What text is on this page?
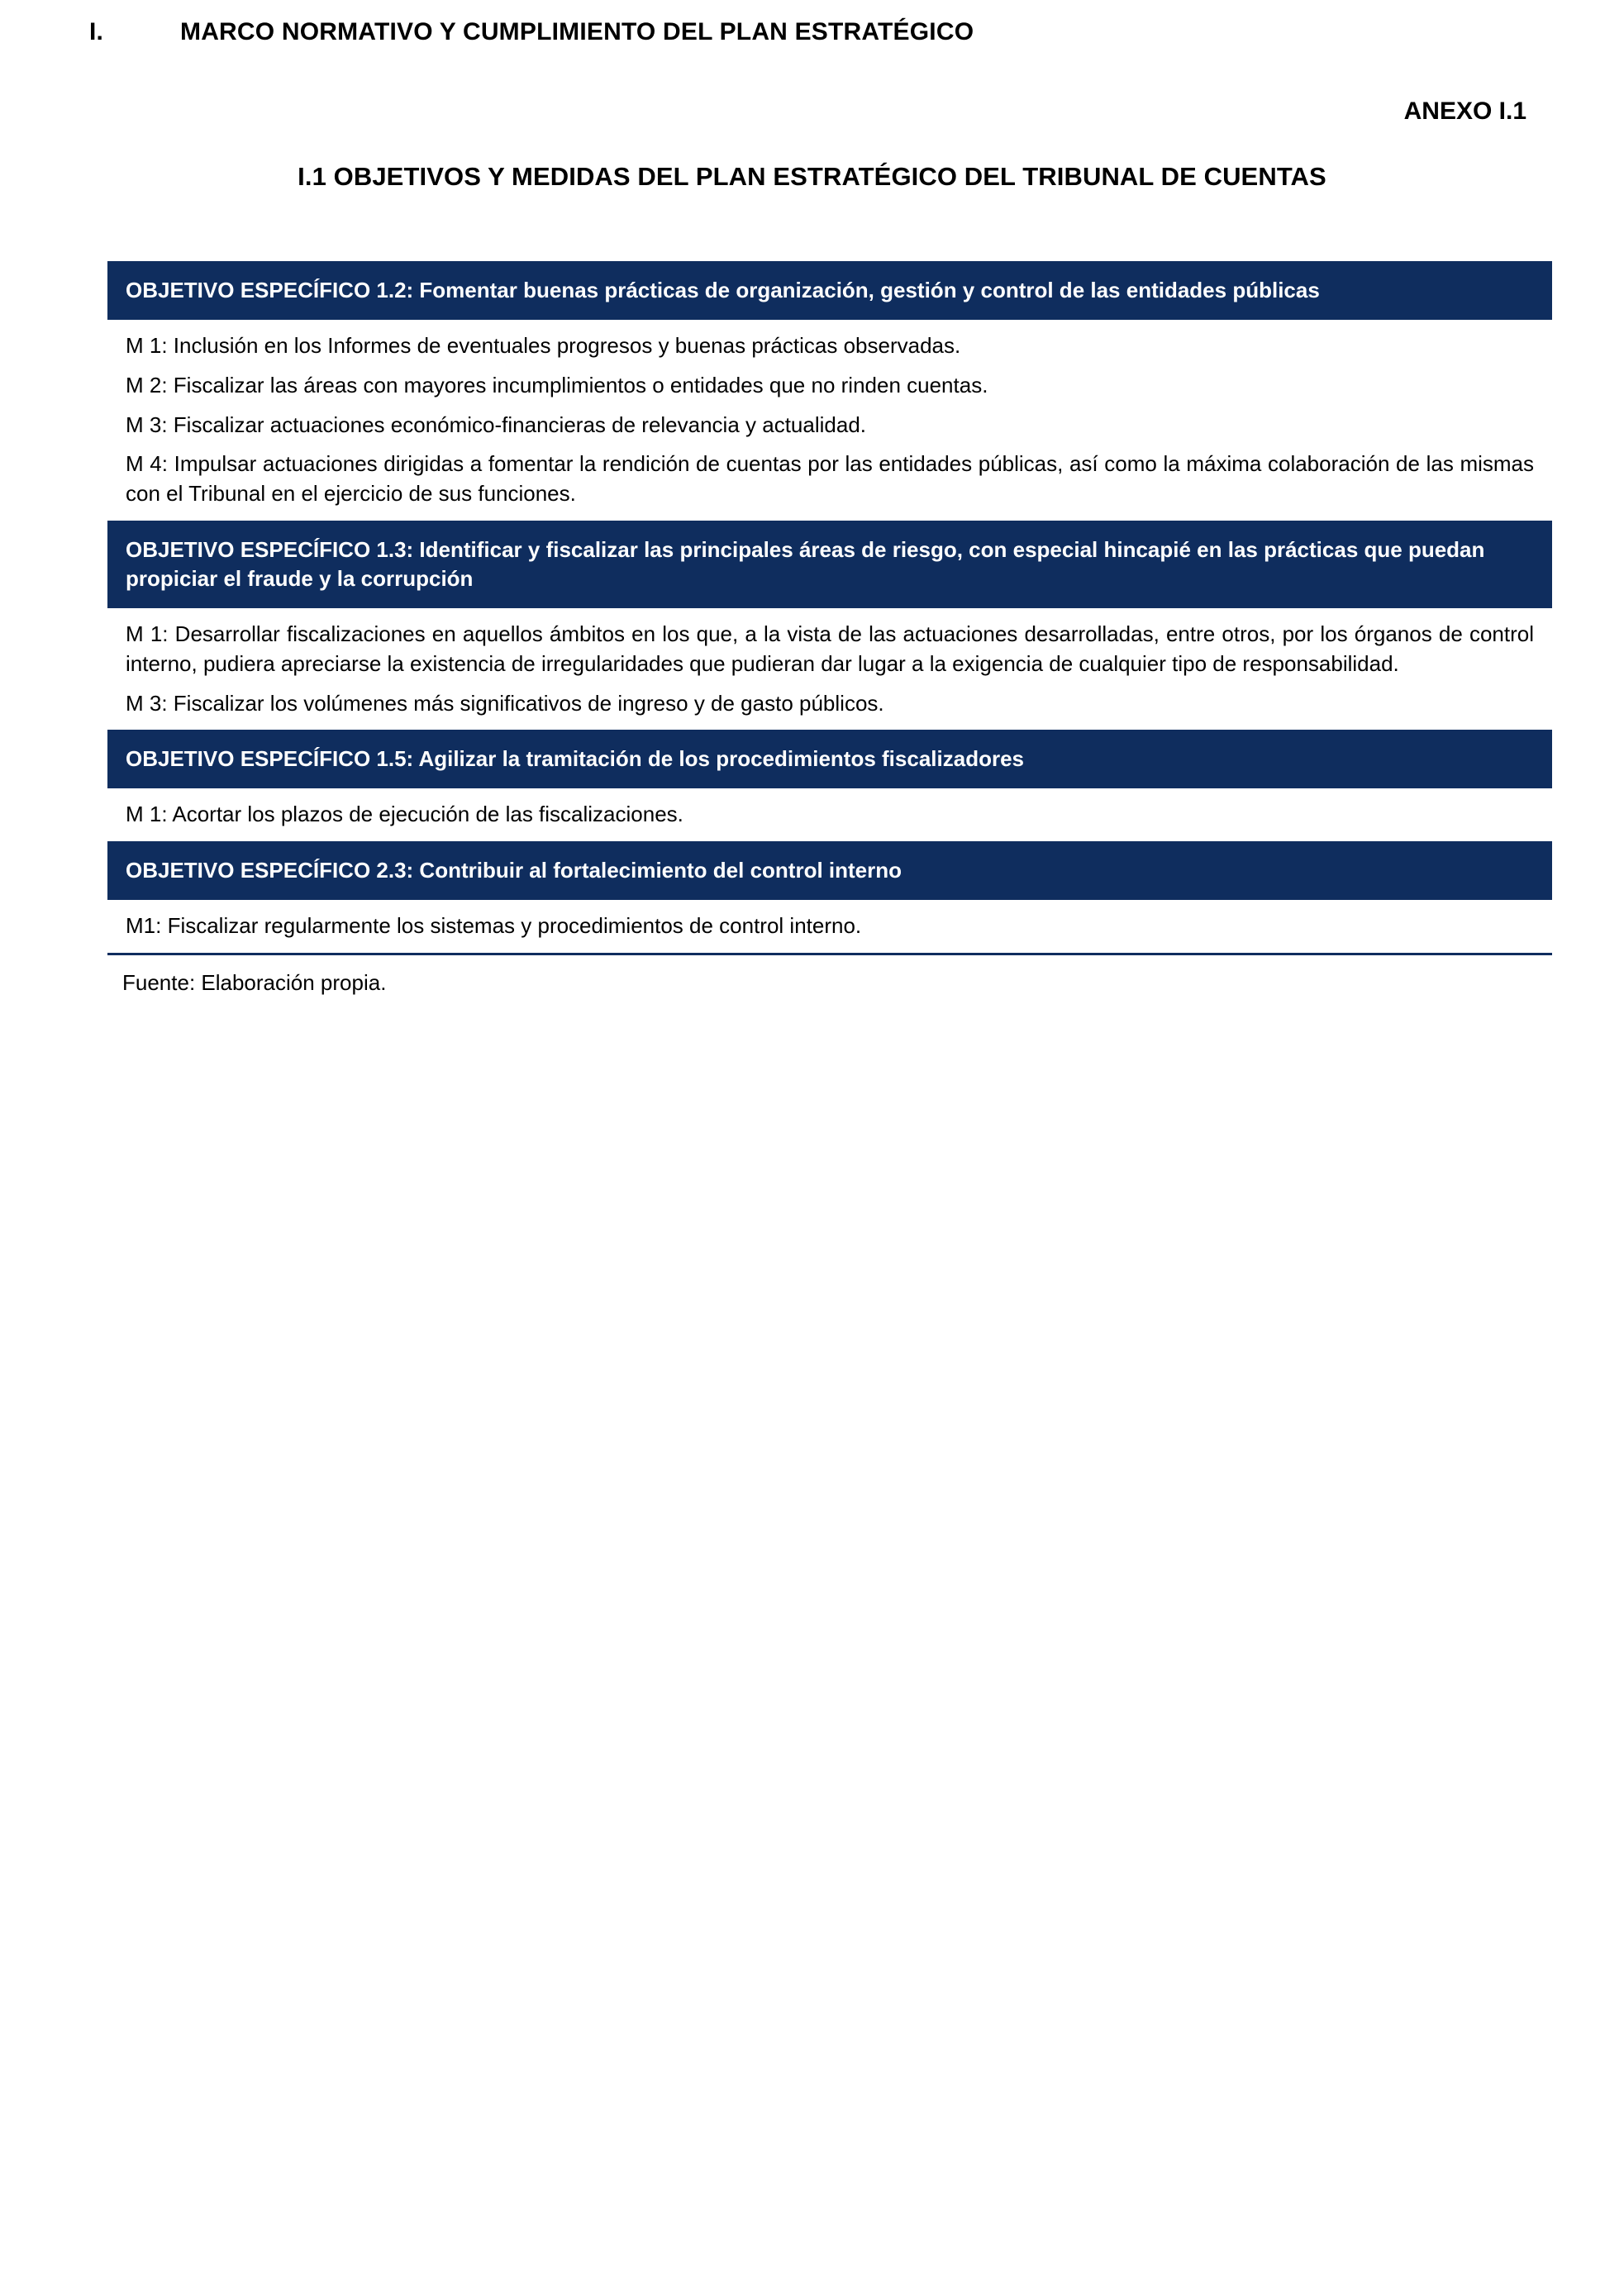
I.	MARCO NORMATIVO Y CUMPLIMIENTO DEL PLAN ESTRATÉGICO
ANEXO I.1
I.1 OBJETIVOS Y MEDIDAS DEL PLAN ESTRATÉGICO DEL TRIBUNAL DE CUENTAS
OBJETIVO ESPECÍFICO 1.2: Fomentar buenas prácticas de organización, gestión y control de las entidades públicas

M 1: Inclusión en los Informes de eventuales progresos y buenas prácticas observadas.

M 2: Fiscalizar las áreas con mayores incumplimientos o entidades que no rinden cuentas.

M 3: Fiscalizar actuaciones económico-financieras de relevancia y actualidad.

M 4: Impulsar actuaciones dirigidas a fomentar la rendición de cuentas por las entidades públicas, así como la máxima colaboración de las mismas con el Tribunal en el ejercicio de sus funciones.

OBJETIVO ESPECÍFICO 1.3: Identificar y fiscalizar las principales áreas de riesgo, con especial hincapié en las prácticas que puedan propiciar el fraude y la corrupción

M 1: Desarrollar fiscalizaciones en aquellos ámbitos en los que, a la vista de las actuaciones desarrolladas, entre otros, por los órganos de control interno, pudiera apreciarse la existencia de irregularidades que pudieran dar lugar a la exigencia de cualquier tipo de responsabilidad.

M 3: Fiscalizar los volúmenes más significativos de ingreso y de gasto públicos.

OBJETIVO ESPECÍFICO 1.5: Agilizar la tramitación de los procedimientos fiscalizadores

M 1: Acortar los plazos de ejecución de las fiscalizaciones.

OBJETIVO ESPECÍFICO 2.3: Contribuir al fortalecimiento del control interno

M1: Fiscalizar regularmente los sistemas y procedimientos de control interno.

Fuente: Elaboración propia.
